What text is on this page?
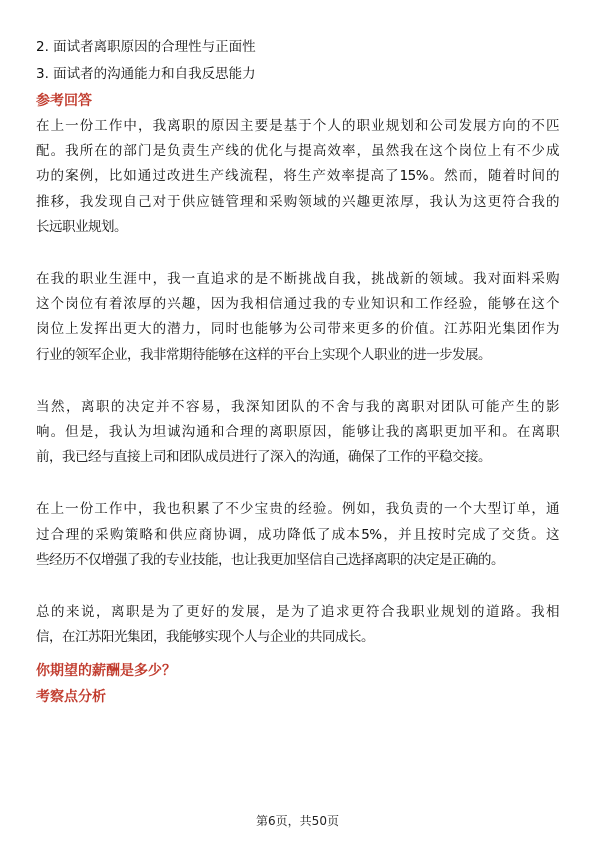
2. 面试者离职原因的合理性与正面性
3. 面试者的沟通能力和自我反思能力
参考回答

在上一份工作中，我离职的原因主要是基于个人的职业规划和公司发展方向的不匹
配。我所在的部门是负责生产线的优化与提高效率，虽然我在这个岗位上有不少成
功的案例，比如通过改进生产线流程，将生产效率提高了15%。然而，随着时间的
推移，我发现自己对于供应链管理和采购领域的兴趣更浓厚，我认为这更符合我的
长远职业规划。

在我的职业生涯中，我一直追求的是不断挑战自我，挑战新的领域。我对面料采购
这个岗位有着浓厚的兴趣，因为我相信通过我的专业知识和工作经验，能够在这个
岗位上发挥出更大的潜力，同时也能够为公司带来更多的价值。江苏阳光集团作为
行业的领军企业，我非常期待能够在这样的平台上实现个人职业的进一步发展。

当然，离职的决定并不容易，我深知团队的不舍与我的离职对团队可能产生的影
响。但是，我认为坦诚沟通和合理的离职原因，能够让我的离职更加平和。在离职
前，我已经与直接上司和团队成员进行了深入的沟通，确保了工作的平稳交接。

在上一份工作中，我也积累了不少宝贵的经验。例如，我负责的一个大型订单，通
过合理的采购策略和供应商协调，成功降低了成本5%，并且按时完成了交货。这
些经历不仅增强了我的专业技能，也让我更加坚信自己选择离职的决定是正确的。

总的来说，离职是为了更好的发展，是为了追求更符合我职业规划的道路。我相
信，在江苏阳光集团，我能够实现个人与企业的共同成长。

你期望的薪酬是多少？
考察点分析
第6页，共50页
